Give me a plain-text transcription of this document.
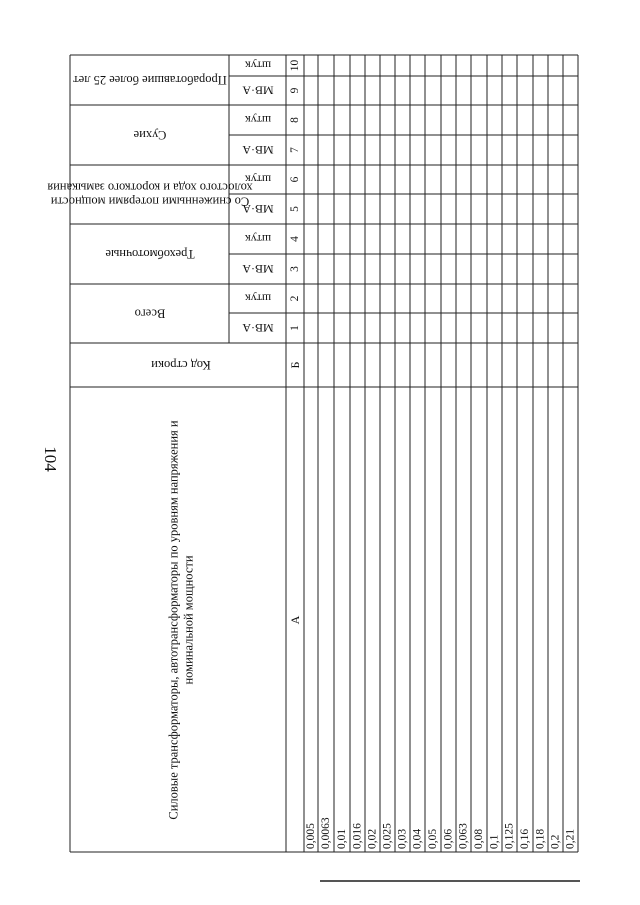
104	Силовые трансформаторы, автотрансформаторы по уровням напряжения иноминальной мощности
Код строки
Всего
МВ·А 1
штук 2
Трехобмоточные
МВ·А 3
штук 4
Со сниженными потерями мощностихолостого хода и короткого замыкания
МВ·А 5
штук 6
Сухие
МВ·А 7
штук 8
Проработавшие более 25 лет
МВ·А 9
штук 10
А
Б
0,005 0,0063 0,01 0,016 0,02 0,025 0,03 0,04 0,05 0,06 0,063 0,08 0,1 0,125 0,16 0,18 0,2 0,21
